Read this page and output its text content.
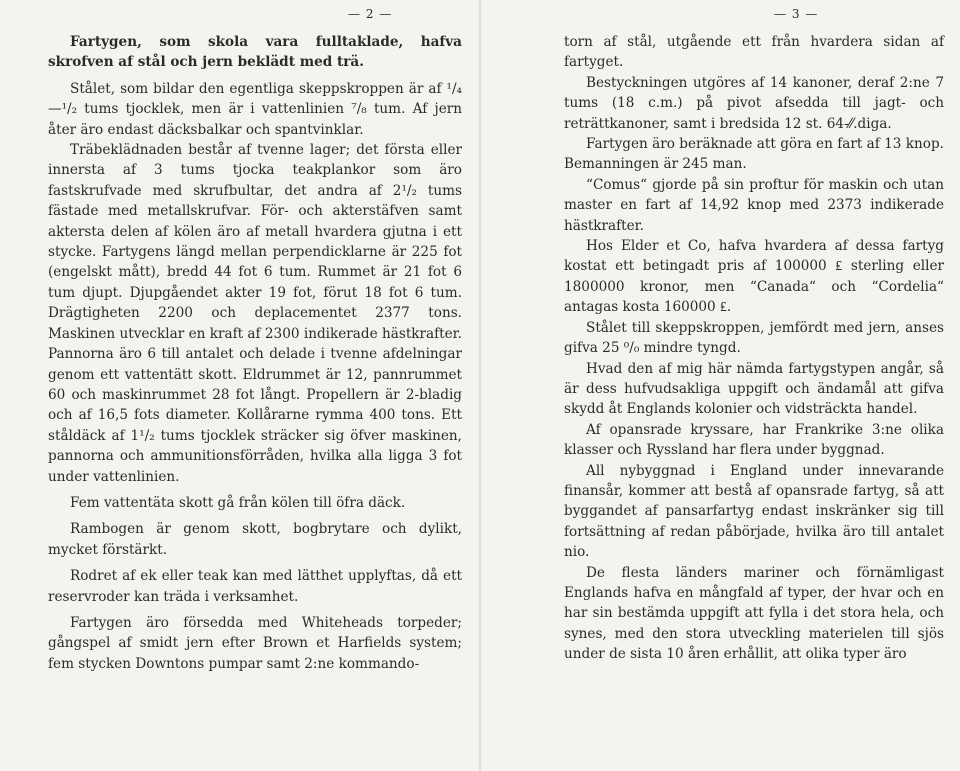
— 2 —

Fartygen, som skola vara fulltaklade, hafva skrofven af stål och jern beklädt med trä.

Stålet, som bildar den egentliga skeppskroppen är af ¹/₄—¹/₂ tums tjocklek, men är i vattenlinien ⁷/₈ tum. Af jern åter äro endast däcksbalkar och spantvinklar.

Träbeklädnaden består af tvenne lager; det första eller innersta af 3 tums tjocka teakplankor som äro fastskrufvade med skrufbultar, det andra af 2¹/₂ tums fästade med metallskrufvar. För- och akterstäfven samt aktersta delen af kölen äro af metall hvardera gjutna i ett stycke. Fartygens längd mellan perpendicklarne är 225 fot (engelskt mått), bredd 44 fot 6 tum. Rummet är 21 fot 6 tum djupt. Djupgåendet akter 19 fot, förut 18 fot 6 tum. Drägtigheten 2200 och deplacementet 2377 tons. Maskinen utvecklar en kraft af 2300 indikerade hästkrafter. Pannorna äro 6 till antalet och delade i tvenne afdelningar genom ett vattentätt skott. Eldrummet är 12, pannrummet 60 och maskinrummet 28 fot långt. Propellern är 2-bladig och af 16,5 fots diameter. Kollårarne rymma 400 tons. Ett ståldäck af 1¹/₂ tums tjocklek sträcker sig öfver maskinen, pannorna och ammunitionsförråden, hvilka alla ligga 3 fot under vattenlinien.

Fem vattentäta skott gå från kölen till öfra däck.

Rambogen är genom skott, bogbrytare och dylikt, mycket förstärkt.

Rodret af ek eller teak kan med lätthet upplyftas, då ett reservroder kan träda i verksamhet.

Fartygen äro försedda med Whiteheads torpeder; gångspel af smidt jern efter Brown et Harfields system; fem stycken Downtons pumpar samt 2:ne kommando-

— 3 —

torn af stål, utgående ett från hvardera sidan af fartyget.

Bestyckningen utgöres af 14 kanoner, deraf 2:ne 7 tums (18 c.m.) på pivot afsedda till jagt- och reträttkanoner, samt i bredsida 12 st. 64-⁄⁄.diga.

Fartygen äro beräknade att göra en fart af 13 knop. Bemanningen är 245 man.

“Comus“ gjorde på sin proftur för maskin och utan master en fart af 14,92 knop med 2373 indikerade hästkrafter.

Hos Elder et Co, hafva hvardera af dessa fartyg kostat ett betingadt pris af 100000 ₤ sterling eller 1800000 kronor, men “Canada“ och “Cordelia“ antagas kosta 160000 ₤.

Stålet till skeppskroppen, jemfördt med jern, anses gifva 25 ⁰/₀ mindre tyngd.

Hvad den af mig här nämda fartygstypen angår, så är dess hufvudsakliga uppgift och ändamål att gifva skydd åt Englands kolonier och vidsträckta handel.

Af opansrade kryssare, har Frankrike 3:ne olika klasser och Ryssland har flera under byggnad.

All nybyggnad i England under innevarande finansår, kommer att bestå af opansrade fartyg, så att byggandet af pansarfartyg endast inskränker sig till fortsättning af redan påbörjade, hvilka äro till antalet nio.

De flesta länders mariner och förnämligast Englands hafva en mångfald af typer, der hvar och en har sin bestämda uppgift att fylla i det stora hela, och synes, med den stora utveckling materielen till sjös under de sista 10 åren erhållit, att olika typer äro
